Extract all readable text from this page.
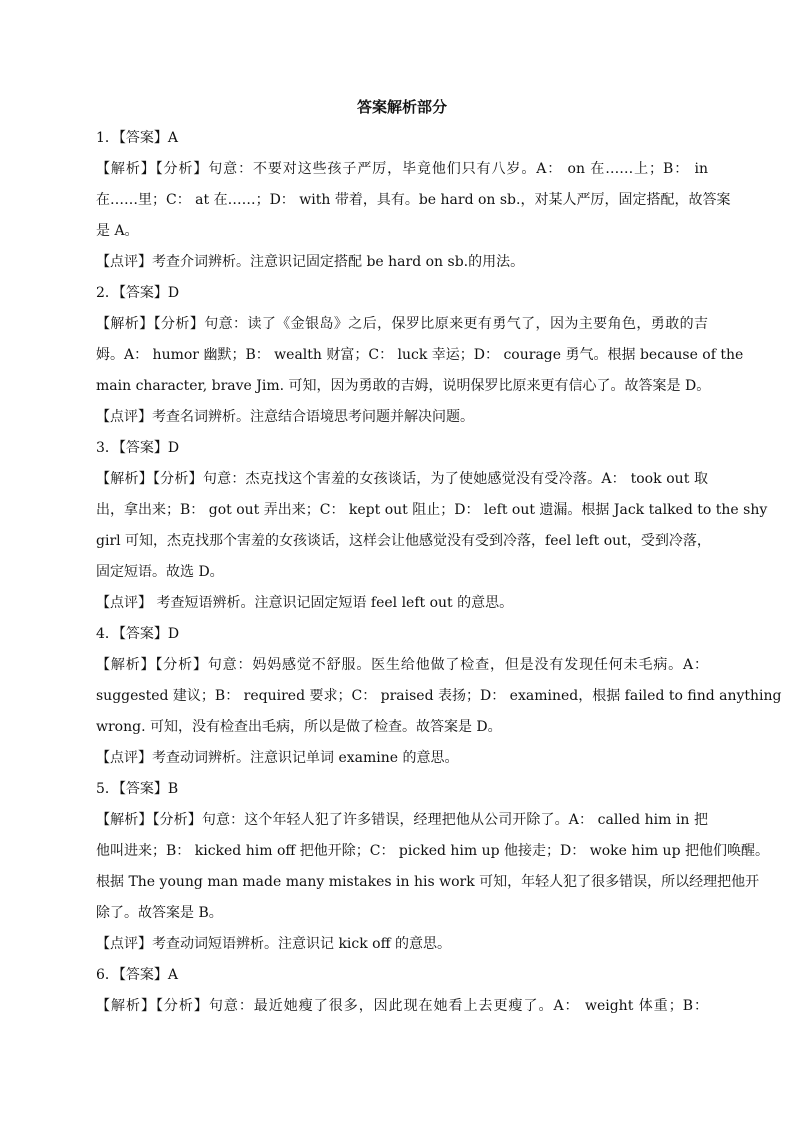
答案解析部分

1．【答案】A

【解析】【分析】句意：不要对这些孩子严厉，毕竟他们只有八岁。A： on 在……上；B： in

在……里；C： at 在……；D： with 带着，具有。be hard on sb.，对某人严厉，固定搭配，故答案

是 A。

【点评】考查介词辨析。注意识记固定搭配 be hard on sb.的用法。

2．【答案】D

【解析】【分析】句意：读了《金银岛》之后，保罗比原来更有勇气了，因为主要角色，勇敢的吉

姆。A： humor 幽默；B： wealth 财富；C： luck 幸运；D： courage 勇气。根据 because of the

main character, brave Jim. 可知，因为勇敢的吉姆，说明保罗比原来更有信心了。故答案是 D。

【点评】考查名词辨析。注意结合语境思考问题并解决问题。

3．【答案】D

【解析】【分析】句意：杰克找这个害羞的女孩谈话，为了使她感觉没有受冷落。A： took out 取

出，拿出来；B： got out 弄出来；C： kept out 阻止；D： left out 遗漏。根据 Jack talked to the shy

girl 可知，杰克找那个害羞的女孩谈话，这样会让他感觉没有受到冷落，feel left out，受到冷落，

固定短语。故选 D。

【点评】 考查短语辨析。注意识记固定短语 feel left out 的意思。

4．【答案】D

【解析】【分析】句意：妈妈感觉不舒服。医生给他做了检查，但是没有发现任何未毛病。A：

suggested 建议；B： required 要求；C： praised 表扬；D： examined，根据 failed to find anything

wrong. 可知，没有检查出毛病，所以是做了检查。故答案是 D。

【点评】考查动词辨析。注意识记单词 examine 的意思。

5．【答案】B

【解析】【分析】句意：这个年轻人犯了许多错误，经理把他从公司开除了。A： called him in 把

他叫进来；B： kicked him off 把他开除；C： picked him up 他接走；D： woke him up 把他们唤醒。

根据 The young man made many mistakes in his work 可知，年轻人犯了很多错误，所以经理把他开

除了。故答案是 B。

【点评】考查动词短语辨析。注意识记 kick off 的意思。

6．【答案】A

【解析】【分析】句意：最近她瘦了很多，因此现在她看上去更瘦了。A： weight 体重；B：
